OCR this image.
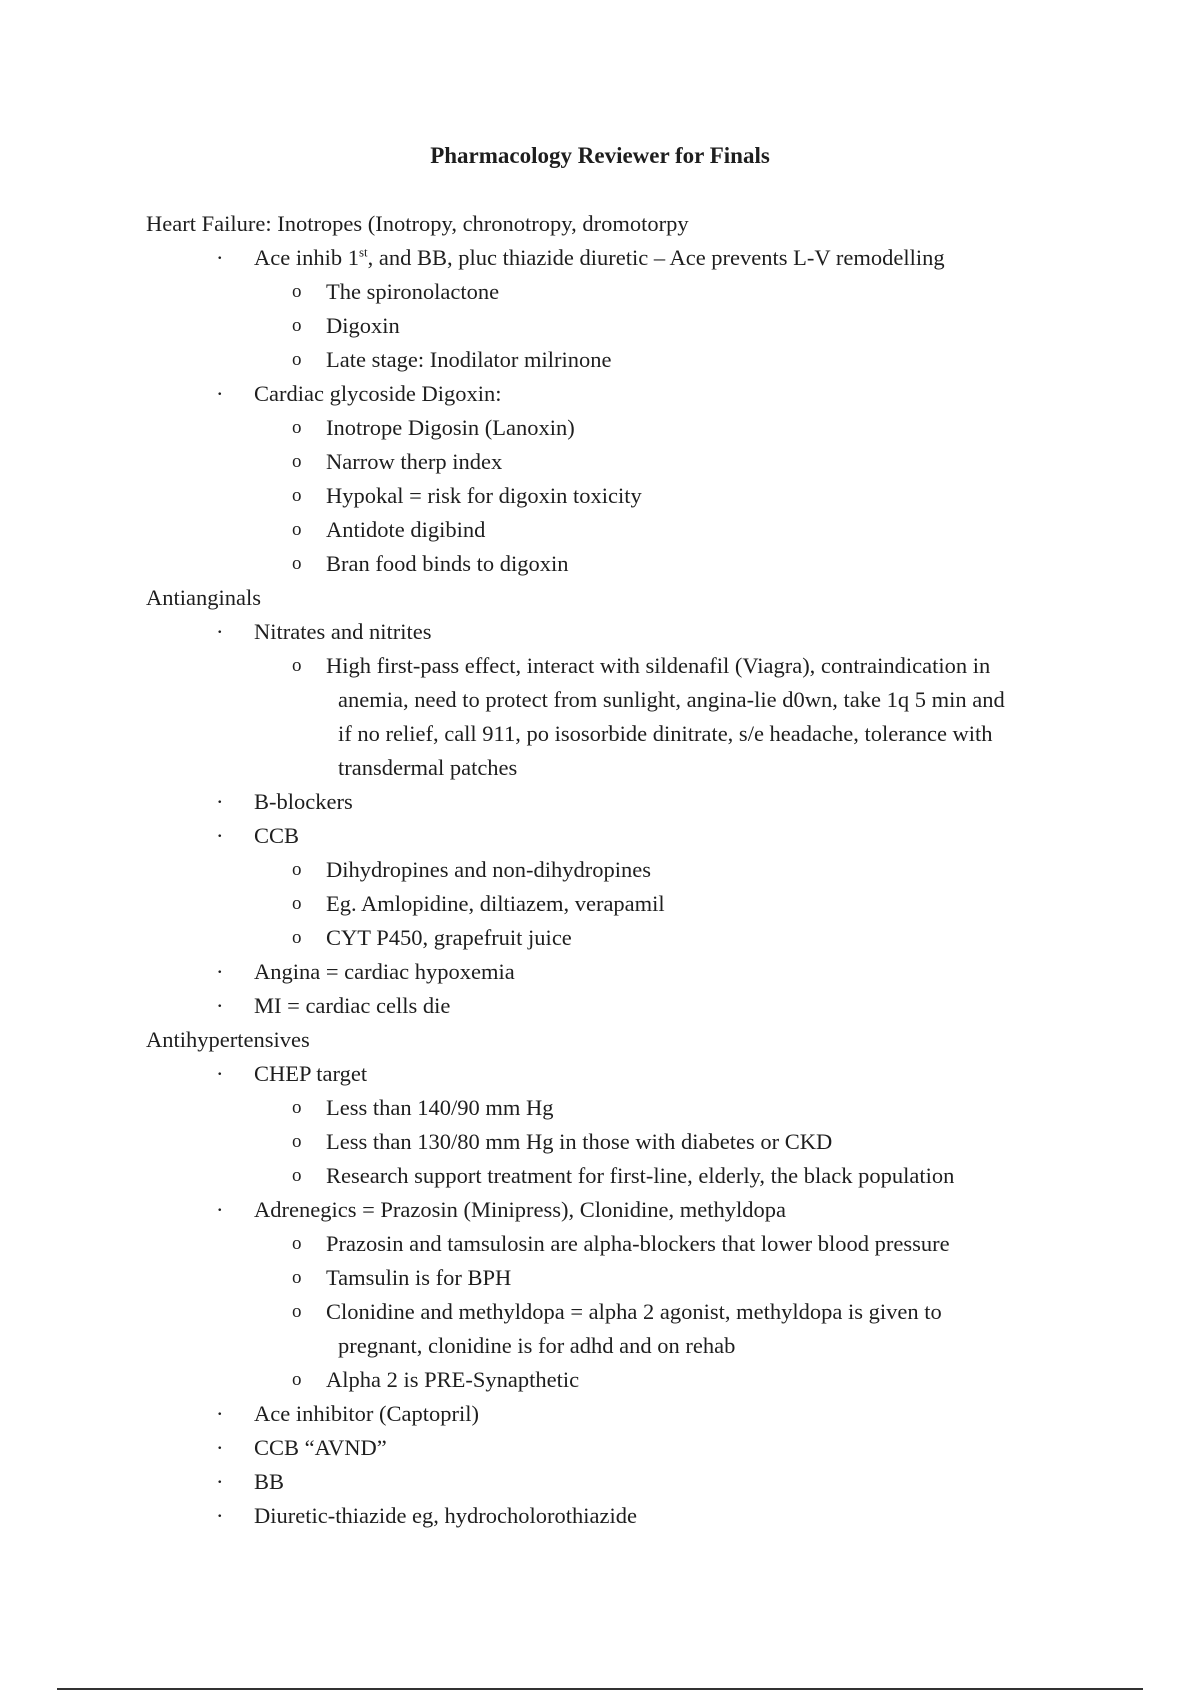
Pharmacology Reviewer for Finals
Heart Failure: Inotropes (Inotropy, chronotropy, dromotorpy
· Ace inhib 1st, and BB, pluc thiazide diuretic – Ace prevents L-V remodelling
o The spironolactone
o Digoxin
o Late stage: Inodilator milrinone
· Cardiac glycoside Digoxin:
o Inotrope Digosin (Lanoxin)
o Narrow therp index
o Hypokal = risk for digoxin toxicity
o Antidote digibind
o Bran food binds to digoxin
Antianginals
· Nitrates and nitrites
o High first-pass effect, interact with sildenafil (Viagra), contraindication in anemia, need to protect from sunlight, angina-lie d0wn, take 1q 5 min and if no relief, call 911, po isosorbide dinitrate, s/e headache, tolerance with transdermal patches
· B-blockers
· CCB
o Dihydropines and non-dihydropines
o Eg. Amlopidine, diltiazem, verapamil
o CYT P450, grapefruit juice
· Angina = cardiac hypoxemia
· MI = cardiac cells die
Antihypertensives
· CHEP target
o Less than 140/90 mm Hg
o Less than 130/80 mm Hg in those with diabetes or CKD
o Research support treatment for first-line, elderly, the black population
· Adrenegics = Prazosin (Minipress), Clonidine, methyldopa
o Prazosin and tamsulosin are alpha-blockers that lower blood pressure
o Tamsulin is for BPH
o Clonidine and methyldopa = alpha 2 agonist, methyldopa is given to pregnant, clonidine is for adhd and on rehab
o Alpha 2 is PRE-Synapthetic
· Ace inhibitor (Captopril)
· CCB “AVND”
· BB
· Diuretic-thiazide eg, hydrocholorothiazide
